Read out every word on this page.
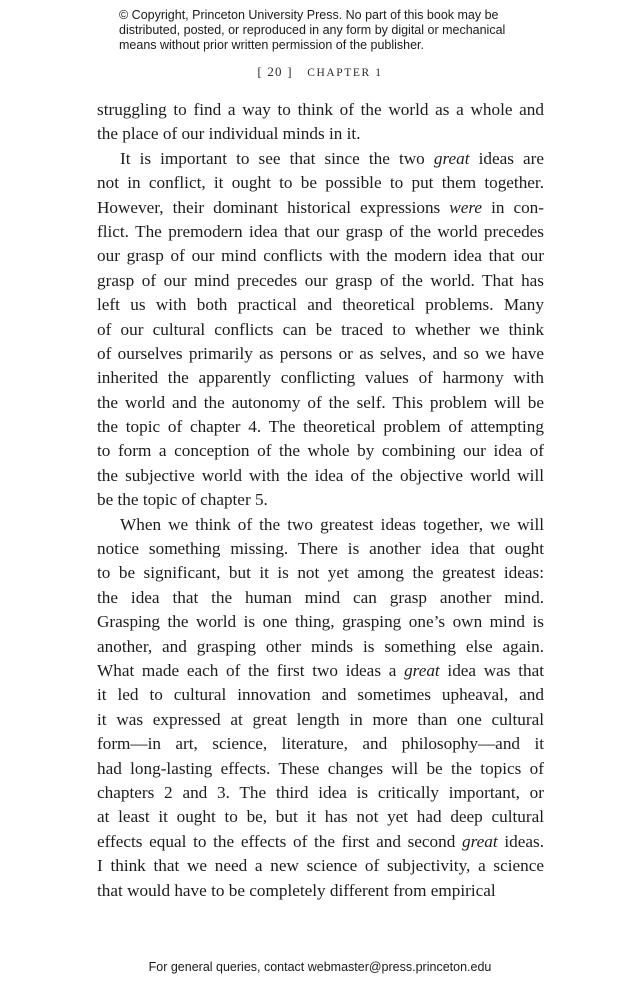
© Copyright, Princeton University Press. No part of this book may be
distributed, posted, or reproduced in any form by digital or mechanical
means without prior written permission of the publisher.
[ 20 ] CHAPTER 1
struggling to find a way to think of the world as a whole and
the place of our individual minds in it.
It is important to see that since the two great ideas are
not in conflict, it ought to be possible to put them together.
However, their dominant historical expressions were in con-
flict. The premodern idea that our grasp of the world precedes
our grasp of our mind conflicts with the modern idea that our
grasp of our mind precedes our grasp of the world. That has
left us with both practical and theoretical problems. Many
of our cultural conflicts can be traced to whether we think
of ourselves primarily as persons or as selves, and so we have
inherited the apparently conflicting values of harmony with
the world and the autonomy of the self. This problem will be
the topic of chapter 4. The theoretical problem of attempting
to form a conception of the whole by combining our idea of
the subjective world with the idea of the objective world will
be the topic of chapter 5.
When we think of the two greatest ideas together, we will
notice something missing. There is another idea that ought
to be significant, but it is not yet among the greatest ideas:
the idea that the human mind can grasp another mind.
Grasping the world is one thing, grasping one’s own mind is
another, and grasping other minds is something else again.
What made each of the first two ideas a great idea was that
it led to cultural innovation and sometimes upheaval, and
it was expressed at great length in more than one cultural
form—in art, science, literature, and philosophy—and it
had long-lasting effects. These changes will be the topics of
chapters 2 and 3. The third idea is critically important, or
at least it ought to be, but it has not yet had deep cultural
effects equal to the effects of the first and second great ideas.
I think that we need a new science of subjectivity, a science
that would have to be completely different from empirical
For general queries, contact webmaster@press.princeton.edu
